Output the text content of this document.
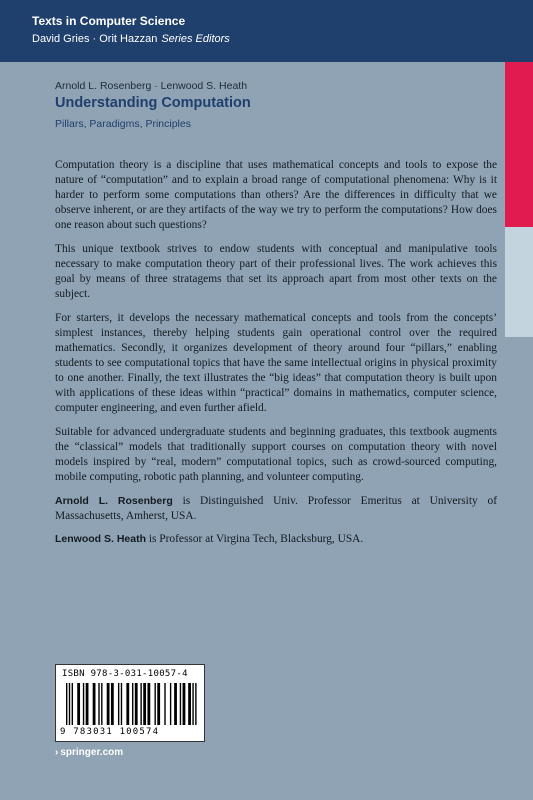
Texts in Computer Science
David Gries · Orit Hazzan Series Editors
Arnold L. Rosenberg · Lenwood S. Heath
Understanding Computation
Pillars, Paradigms, Principles

Computation theory is a discipline that uses mathematical concepts and tools to expose the nature of “computation” and to explain a broad range of computational phenomena: Why is it harder to perform some computations than others? Are the differences in difficulty that we observe inherent, or are they artifacts of the way we try to perform the computations? How does one reason about such questions?

This unique textbook strives to endow students with conceptual and manipulative tools necessary to make computation theory part of their professional lives. The work achieves this goal by means of three stratagems that set its approach apart from most other texts on the subject.

For starters, it develops the necessary mathematical concepts and tools from the concepts’ simplest instances, thereby helping students gain operational control over the required mathematics. Secondly, it organizes development of theory around four “pillars,” enabling students to see computational topics that have the same intellectual origins in physical proximity to one another. Finally, the text illustrates the “big ideas” that computation theory is built upon with applications of these ideas within “practical” domains in mathematics, computer science, computer engineering, and even further afield.

Suitable for advanced undergraduate students and beginning graduates, this textbook augments the “classical” models that traditionally support courses on computation theory with novel models inspired by “real, modern” computational topics, such as crowd-sourced computing, mobile computing, robotic path planning, and volunteer computing.

Arnold L. Rosenberg is Distinguished Univ. Professor Emeritus at University of Massachusetts, Amherst, USA.

Lenwood S. Heath is Professor at Virgina Tech, Blacksburg, USA.

ISBN 978-3-031-10057-4
9 783031 100574
› springer.com
